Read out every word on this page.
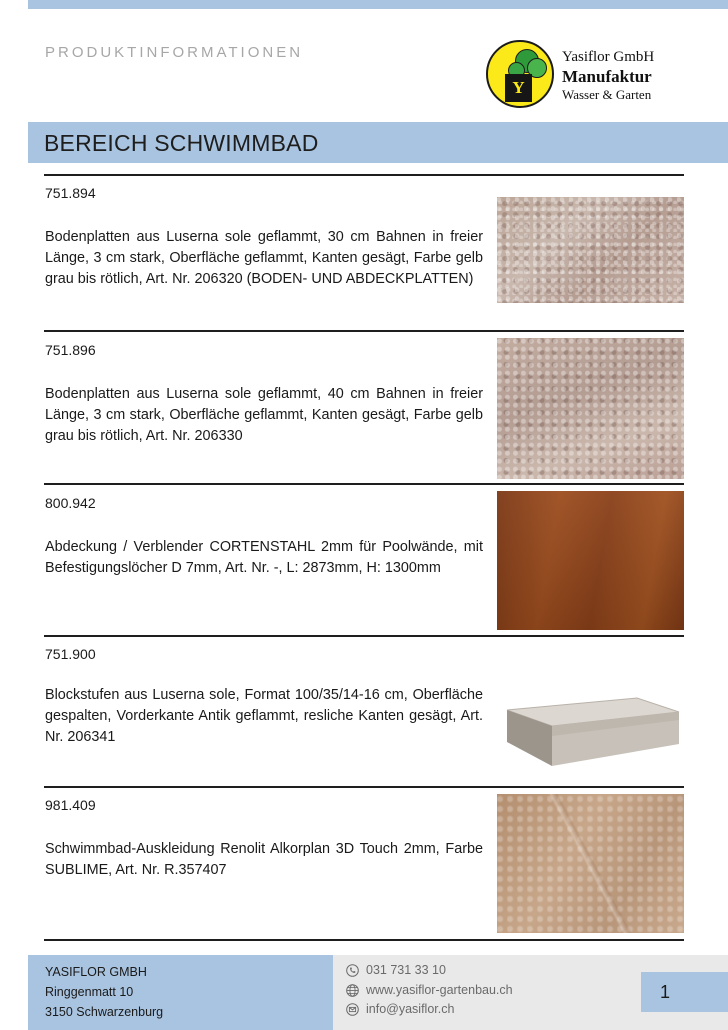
PRODUKTINFORMATIONEN
Y
Yasiflor GmbH
Manufaktur
Wasser & Garten
BEREICH SCHWIMMBAD
751.894
Bodenplatten aus Luserna sole geflammt, 30 cm Bahnen in freier Länge, 3 cm stark, Oberfläche geflammt, Kanten gesägt, Farbe gelb grau bis rötlich, Art. Nr. 206320 (BODEN- UND ABDECKPLATTEN)
751.896
Bodenplatten aus Luserna sole geflammt, 40 cm Bahnen in freier Länge, 3 cm stark, Oberfläche geflammt, Kanten gesägt, Farbe gelb grau bis rötlich, Art. Nr. 206330
800.942
Abdeckung / Verblender CORTENSTAHL 2mm für Poolwände, mit Befestigungslöcher D 7mm, Art. Nr. -, L: 2873mm, H: 1300mm
751.900
Blockstufen aus Luserna sole, Format 100/35/14-16 cm, Oberfläche gespalten, Vorderkante Antik geflammt, resliche Kanten gesägt, Art. Nr. 206341
981.409
Schwimmbad-Auskleidung Renolit Alkorplan 3D Touch 2mm, Farbe SUBLIME, Art. Nr. R.357407
YASIFLOR GMBH
Ringgenmatt 10
3150 Schwarzenburg
031 731 33 10
www.yasiflor-gartenbau.ch
info@yasiflor.ch
1
